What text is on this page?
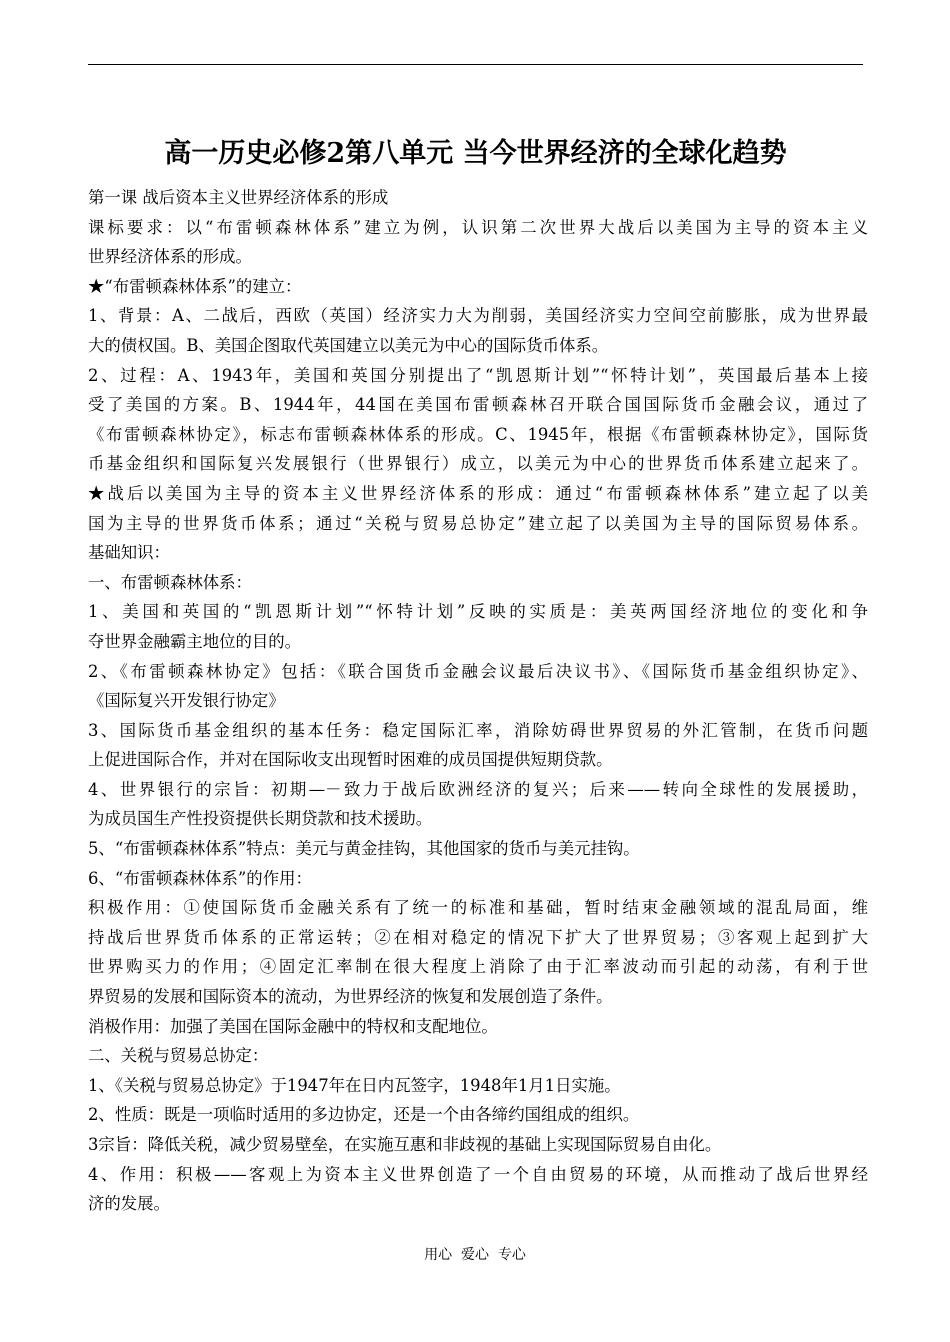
高一历史必修2第八单元 当今世界经济的全球化趋势
第一课 战后资本主义世界经济体系的形成
课标要求：以“布雷顿森林体系”建立为例，认识第二次世界大战后以美国为主导的资本主义
世界经济体系的形成。
★“布雷顿森林体系”的建立：
1、背景：A、二战后，西欧（英国）经济实力大为削弱，美国经济实力空间空前膨胀，成为世界最
大的债权国。B、美国企图取代英国建立以美元为中心的国际货币体系。
2、过程：A、1943年，美国和英国分别提出了“凯恩斯计划”“怀特计划”，英国最后基本上接
受了美国的方案。B、1944年，44国在美国布雷顿森林召开联合国国际货币金融会议，通过了
《布雷顿森林协定》，标志布雷顿森林体系的形成。C、1945年，根据《布雷顿森林协定》，国际货
币基金组织和国际复兴发展银行（世界银行）成立，以美元为中心的世界货币体系建立起来了。
★战后以美国为主导的资本主义世界经济体系的形成：通过“布雷顿森林体系”建立起了以美
国为主导的世界货币体系；通过“关税与贸易总协定”建立起了以美国为主导的国际贸易体系。
基础知识：
一、布雷顿森林体系：
1、美国和英国的“凯恩斯计划”“怀特计划”反映的实质是：美英两国经济地位的变化和争
夺世界金融霸主地位的目的。
2、《布雷顿森林协定》包括：《联合国货币金融会议最后决议书》、《国际货币基金组织协定》、
《国际复兴开发银行协定》
3、国际货币基金组织的基本任务：稳定国际汇率，消除妨碍世界贸易的外汇管制，在货币问题
上促进国际合作，并对在国际收支出现暂时困难的成员国提供短期贷款。
4、世界银行的宗旨：初期—－致力于战后欧洲经济的复兴；后来——转向全球性的发展援助，
为成员国生产性投资提供长期贷款和技术援助。
5、“布雷顿森林体系”特点：美元与黄金挂钩，其他国家的货币与美元挂钩。
6、“布雷顿森林体系”的作用：
积极作用：①使国际货币金融关系有了统一的标准和基础，暂时结束金融领域的混乱局面，维
持战后世界货币体系的正常运转；②在相对稳定的情况下扩大了世界贸易；③客观上起到扩大
世界购买力的作用；④固定汇率制在很大程度上消除了由于汇率波动而引起的动荡，有利于世
界贸易的发展和国际资本的流动，为世界经济的恢复和发展创造了条件。
消极作用：加强了美国在国际金融中的特权和支配地位。
二、关税与贸易总协定：
1、《关税与贸易总协定》于1947年在日内瓦签字，1948年1月1日实施。
2、性质：既是一项临时适用的多边协定，还是一个由各缔约国组成的组织。
3宗旨：降低关税，减少贸易壁垒，在实施互惠和非歧视的基础上实现国际贸易自由化。
4、作用：积极——客观上为资本主义世界创造了一个自由贸易的环境，从而推动了战后世界经
济的发展。
用心  爱心  专心
